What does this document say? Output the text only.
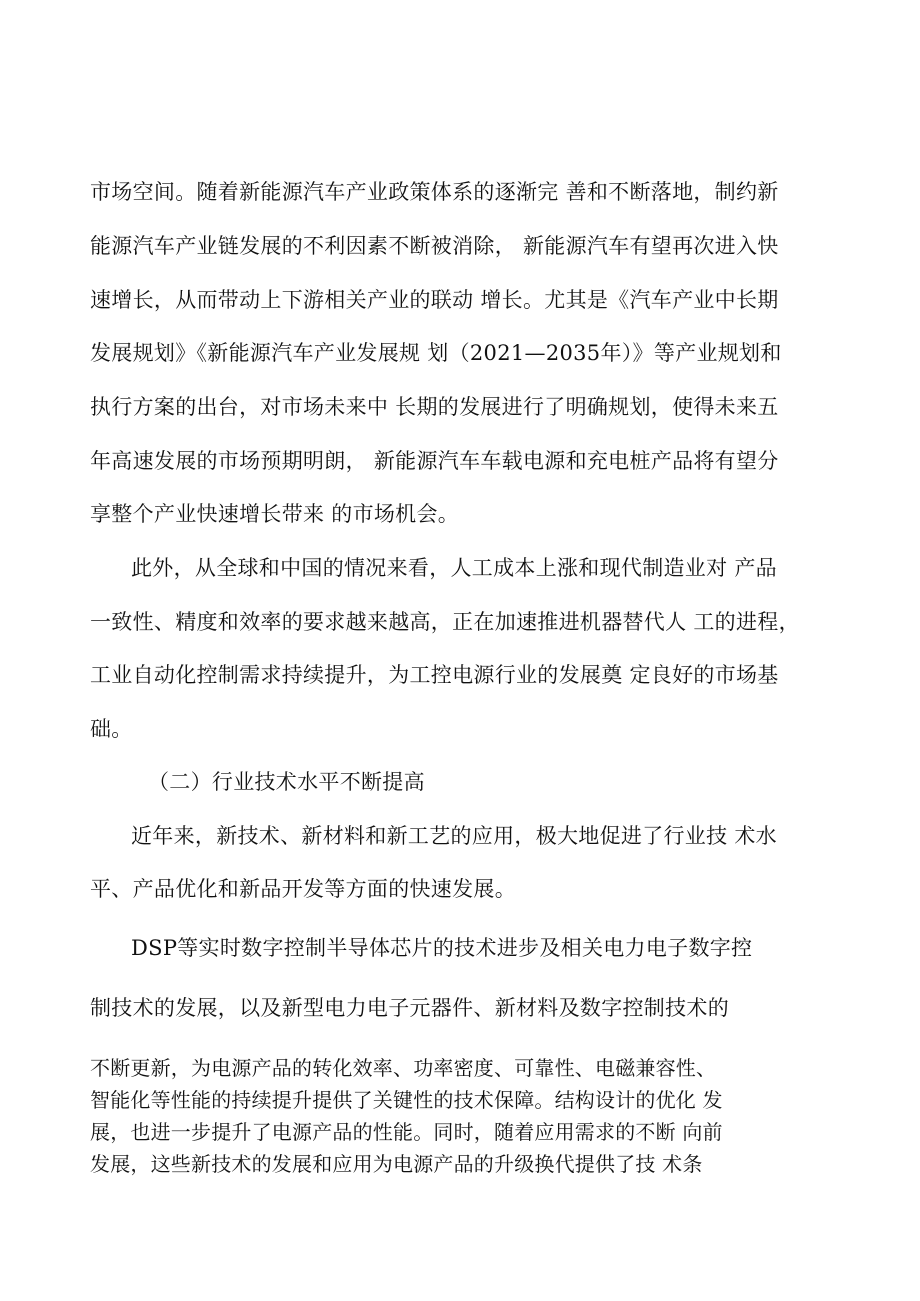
市场空间。随着新能源汽车产业政策体系的逐渐完 善和不断落地，制约新
能源汽车产业链发展的不利因素不断被消除， 新能源汽车有望再次进入快
速增长，从而带动上下游相关产业的联动 增长。尤其是《汽车产业中长期
发展规划》《新能源汽车产业发展规 划（2021—2035年）》等产业规划和
执行方案的出台，对市场未来中 长期的发展进行了明确规划，使得未来五
年高速发展的市场预期明朗， 新能源汽车车载电源和充电桩产品将有望分
享整个产业快速增长带来 的市场机会。
此外，从全球和中国的情况来看，人工成本上涨和现代制造业对 产品
一致性、精度和效率的要求越来越高，正在加速推进机器替代人 工的进程，
工业自动化控制需求持续提升，为工控电源行业的发展奠 定良好的市场基
础。
（二）行业技术水平不断提高
近年来，新技术、新材料和新工艺的应用，极大地促进了行业技 术水
平、产品优化和新品开发等方面的快速发展。
DSP等实时数字控制半导体芯片的技术进步及相关电力电子数字控
制技术的发展，以及新型电力电子元器件、新材料及数字控制技术的
不断更新，为电源产品的转化效率、功率密度、可靠性、电磁兼容性、
智能化等性能的持续提升提供了关键性的技术保障。结构设计的优化 发
展，也进一步提升了电源产品的性能。同时，随着应用需求的不断 向前
发展，这些新技术的发展和应用为电源产品的升级换代提供了技 术条
